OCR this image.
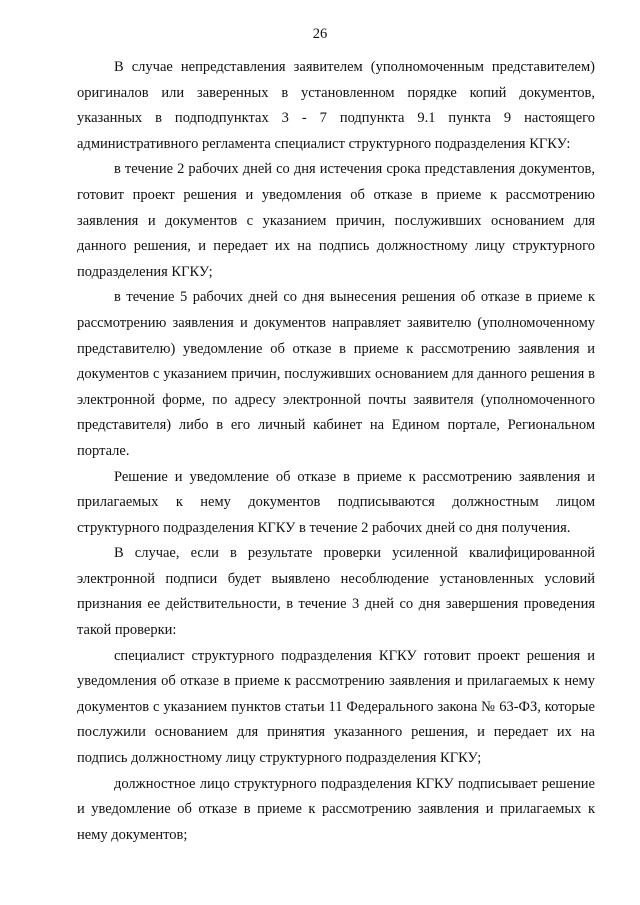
26

В случае непредставления заявителем (уполномоченным представителем) оригиналов или заверенных в установленном порядке копий документов, указанных в подподпунктах 3 - 7 подпункта 9.1 пункта 9 настоящего административного регламента специалист структурного подразделения КГКУ:

в течение 2 рабочих дней со дня истечения срока представления документов, готовит проект решения и уведомления об отказе в приеме к рассмотрению заявления и документов с указанием причин, послуживших основанием для данного решения, и передает их на подпись должностному лицу структурного подразделения КГКУ;

в течение 5 рабочих дней со дня вынесения решения об отказе в приеме к рассмотрению заявления и документов направляет заявителю (уполномоченному представителю) уведомление об отказе в приеме к рассмотрению заявления и документов с указанием причин, послуживших основанием для данного решения в электронной форме, по адресу электронной почты заявителя (уполномоченного представителя) либо в его личный кабинет на Едином портале, Региональном портале.

Решение и уведомление об отказе в приеме к рассмотрению заявления и прилагаемых к нему документов подписываются должностным лицом структурного подразделения КГКУ в течение 2 рабочих дней со дня получения.

В случае, если в результате проверки усиленной квалифицированной электронной подписи будет выявлено несоблюдение установленных условий признания ее действительности, в течение 3 дней со дня завершения проведения такой проверки:

специалист структурного подразделения КГКУ готовит проект решения и уведомления об отказе в приеме к рассмотрению заявления и прилагаемых к нему документов с указанием пунктов статьи 11 Федерального закона № 63-ФЗ, которые послужили основанием для принятия указанного решения, и передает их на подпись должностному лицу структурного подразделения КГКУ;

должностное лицо структурного подразделения КГКУ подписывает решение и уведомление об отказе в приеме к рассмотрению заявления и прилагаемых к нему документов;
